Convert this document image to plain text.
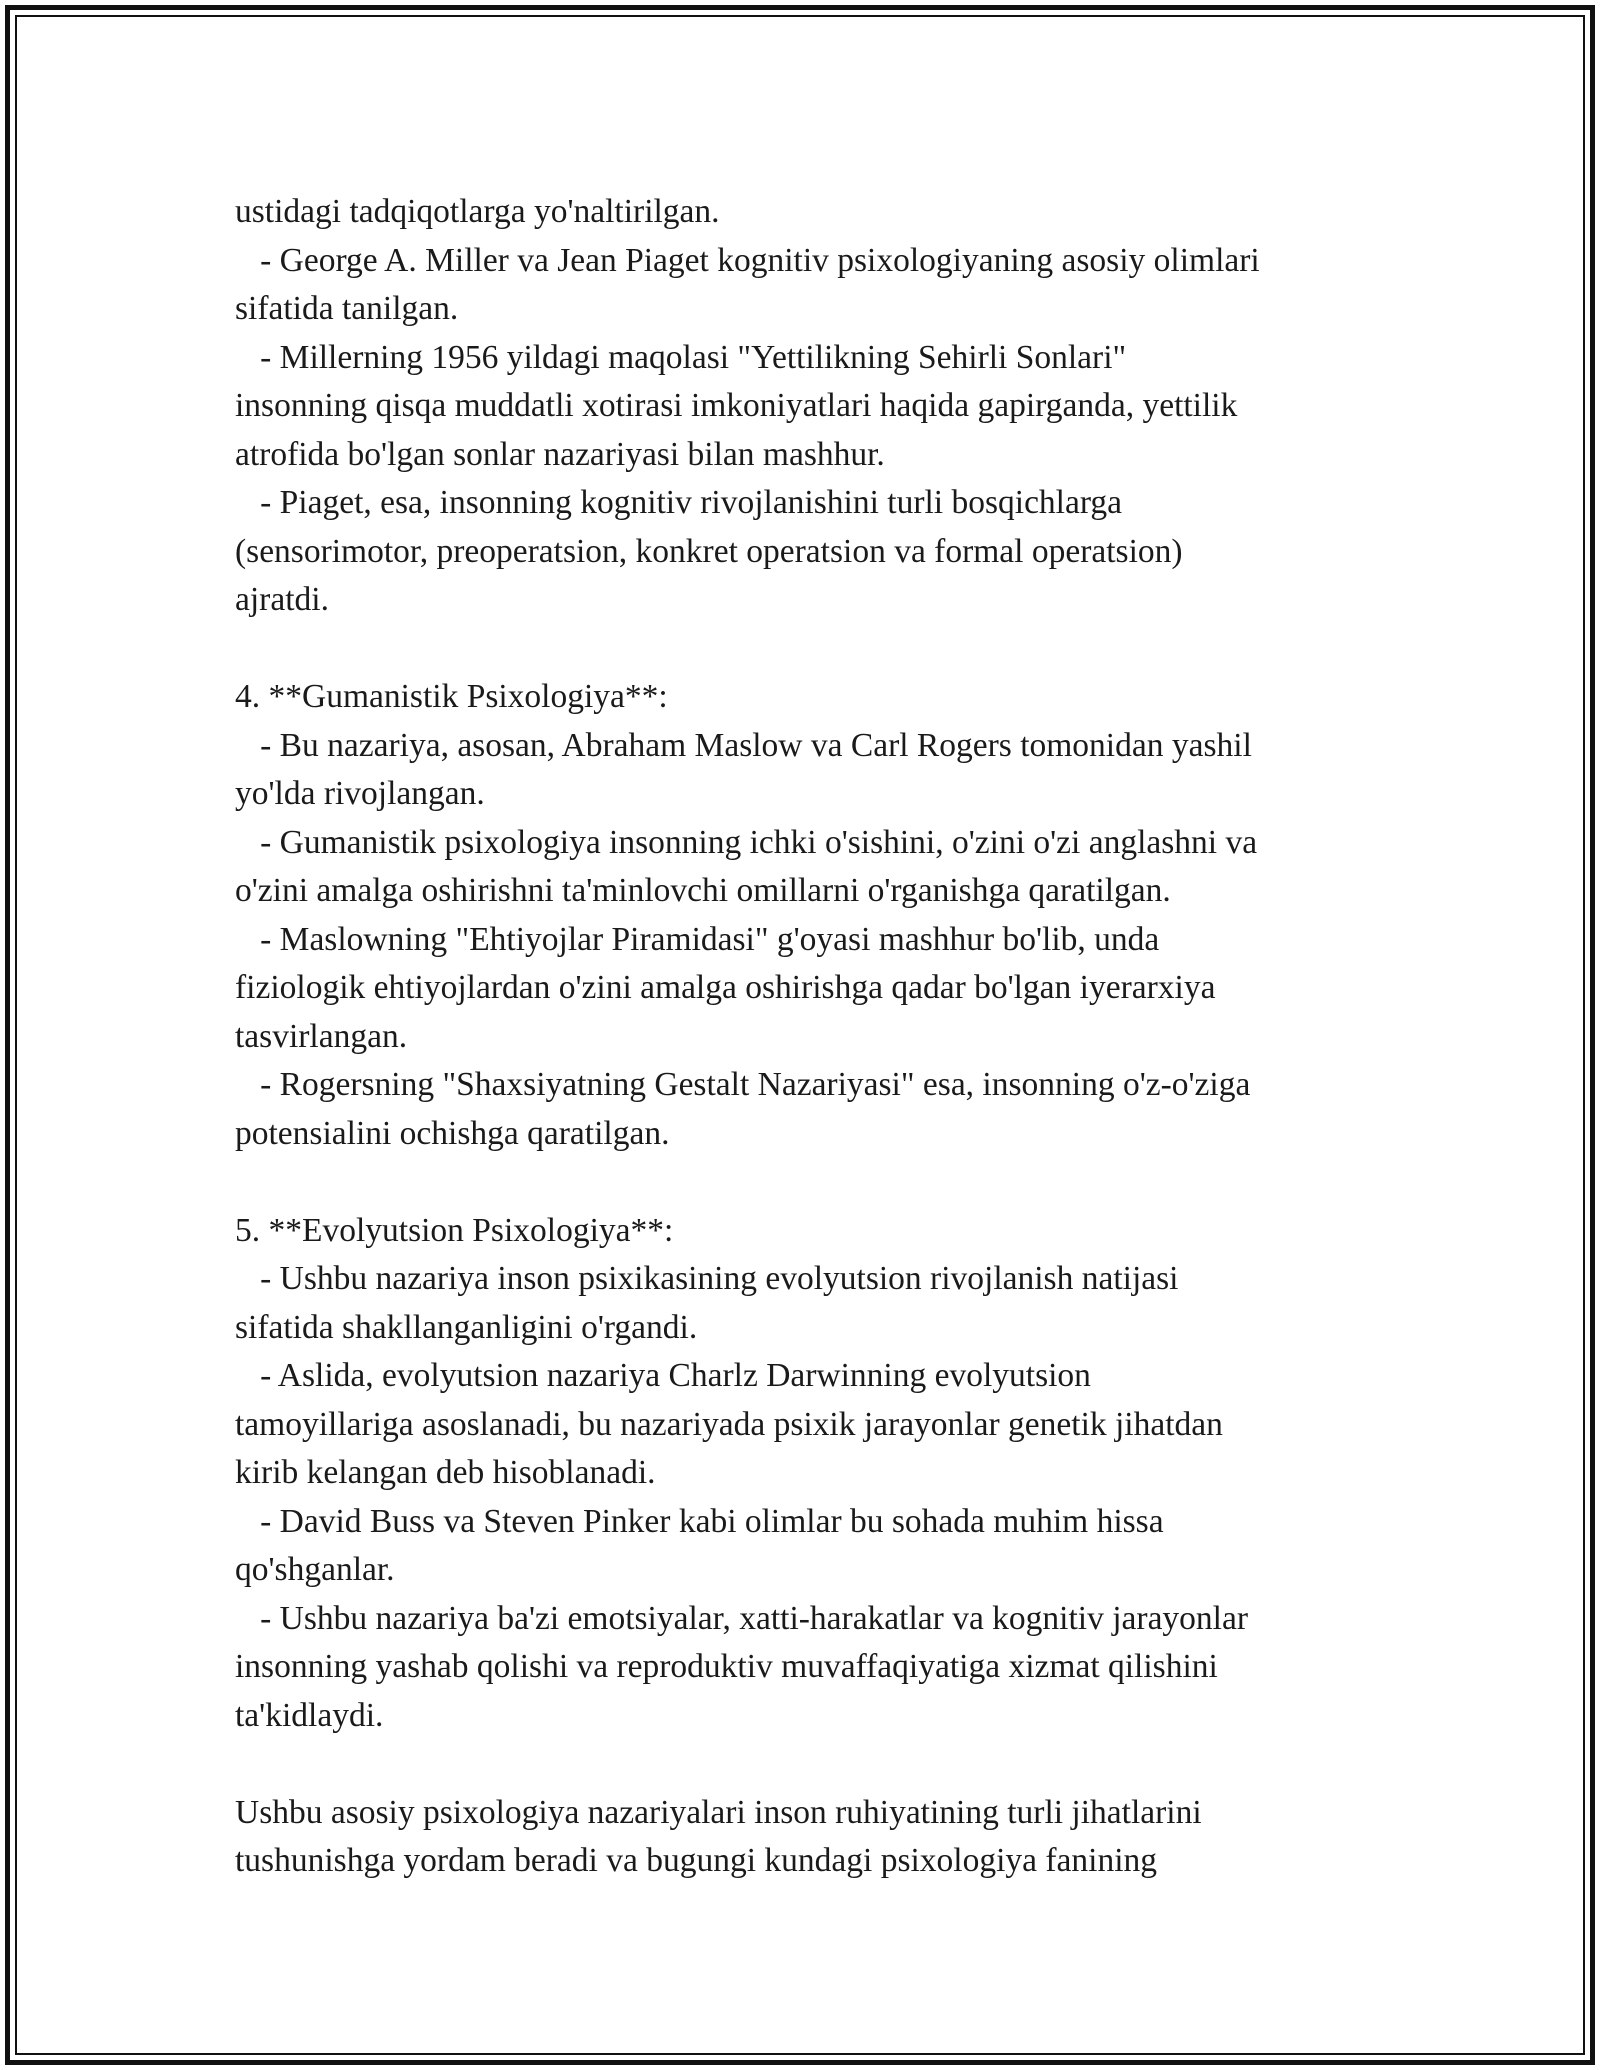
ustidagi tadqiqotlarga yo'naltirilgan.
- George A. Miller va Jean Piaget kognitiv psixologiyaning asosiy olimlari
sifatida tanilgan.
- Millerning 1956 yildagi maqolasi "Yettilikning Sehirli Sonlari"
insonning qisqa muddatli xotirasi imkoniyatlari haqida gapirganda, yettilik
atrofida bo'lgan sonlar nazariyasi bilan mashhur.
- Piaget, esa, insonning kognitiv rivojlanishini turli bosqichlarga
(sensorimotor, preoperatsion, konkret operatsion va formal operatsion)
ajratdi.
4. **Gumanistik Psixologiya**:
- Bu nazariya, asosan, Abraham Maslow va Carl Rogers tomonidan yashil
yo'lda rivojlangan.
- Gumanistik psixologiya insonning ichki o'sishini, o'zini o'zi anglashni va
o'zini amalga oshirishni ta'minlovchi omillarni o'rganishga qaratilgan.
- Maslowning "Ehtiyojlar Piramidasi" g'oyasi mashhur bo'lib, unda
fiziologik ehtiyojlardan o'zini amalga oshirishga qadar bo'lgan iyerarxiya
tasvirlangan.
- Rogersning "Shaxsiyatning Gestalt Nazariyasi" esa, insonning o'z-o'ziga
potensialini ochishga qaratilgan.
5. **Evolyutsion Psixologiya**:
- Ushbu nazariya inson psixikasining evolyutsion rivojlanish natijasi
sifatida shakllanganligini o'rgandi.
- Aslida, evolyutsion nazariya Charlz Darwinning evolyutsion
tamoyillariga asoslanadi, bu nazariyada psixik jarayonlar genetik jihatdan
kirib kelangan deb hisoblanadi.
- David Buss va Steven Pinker kabi olimlar bu sohada muhim hissa
qo'shganlar.
- Ushbu nazariya ba'zi emotsiyalar, xatti-harakatlar va kognitiv jarayonlar
insonning yashab qolishi va reproduktiv muvaffaqiyatiga xizmat qilishini
ta'kidlaydi.
Ushbu asosiy psixologiya nazariyalari inson ruhiyatining turli jihatlarini
tushunishga yordam beradi va bugungi kundagi psixologiya fanining
